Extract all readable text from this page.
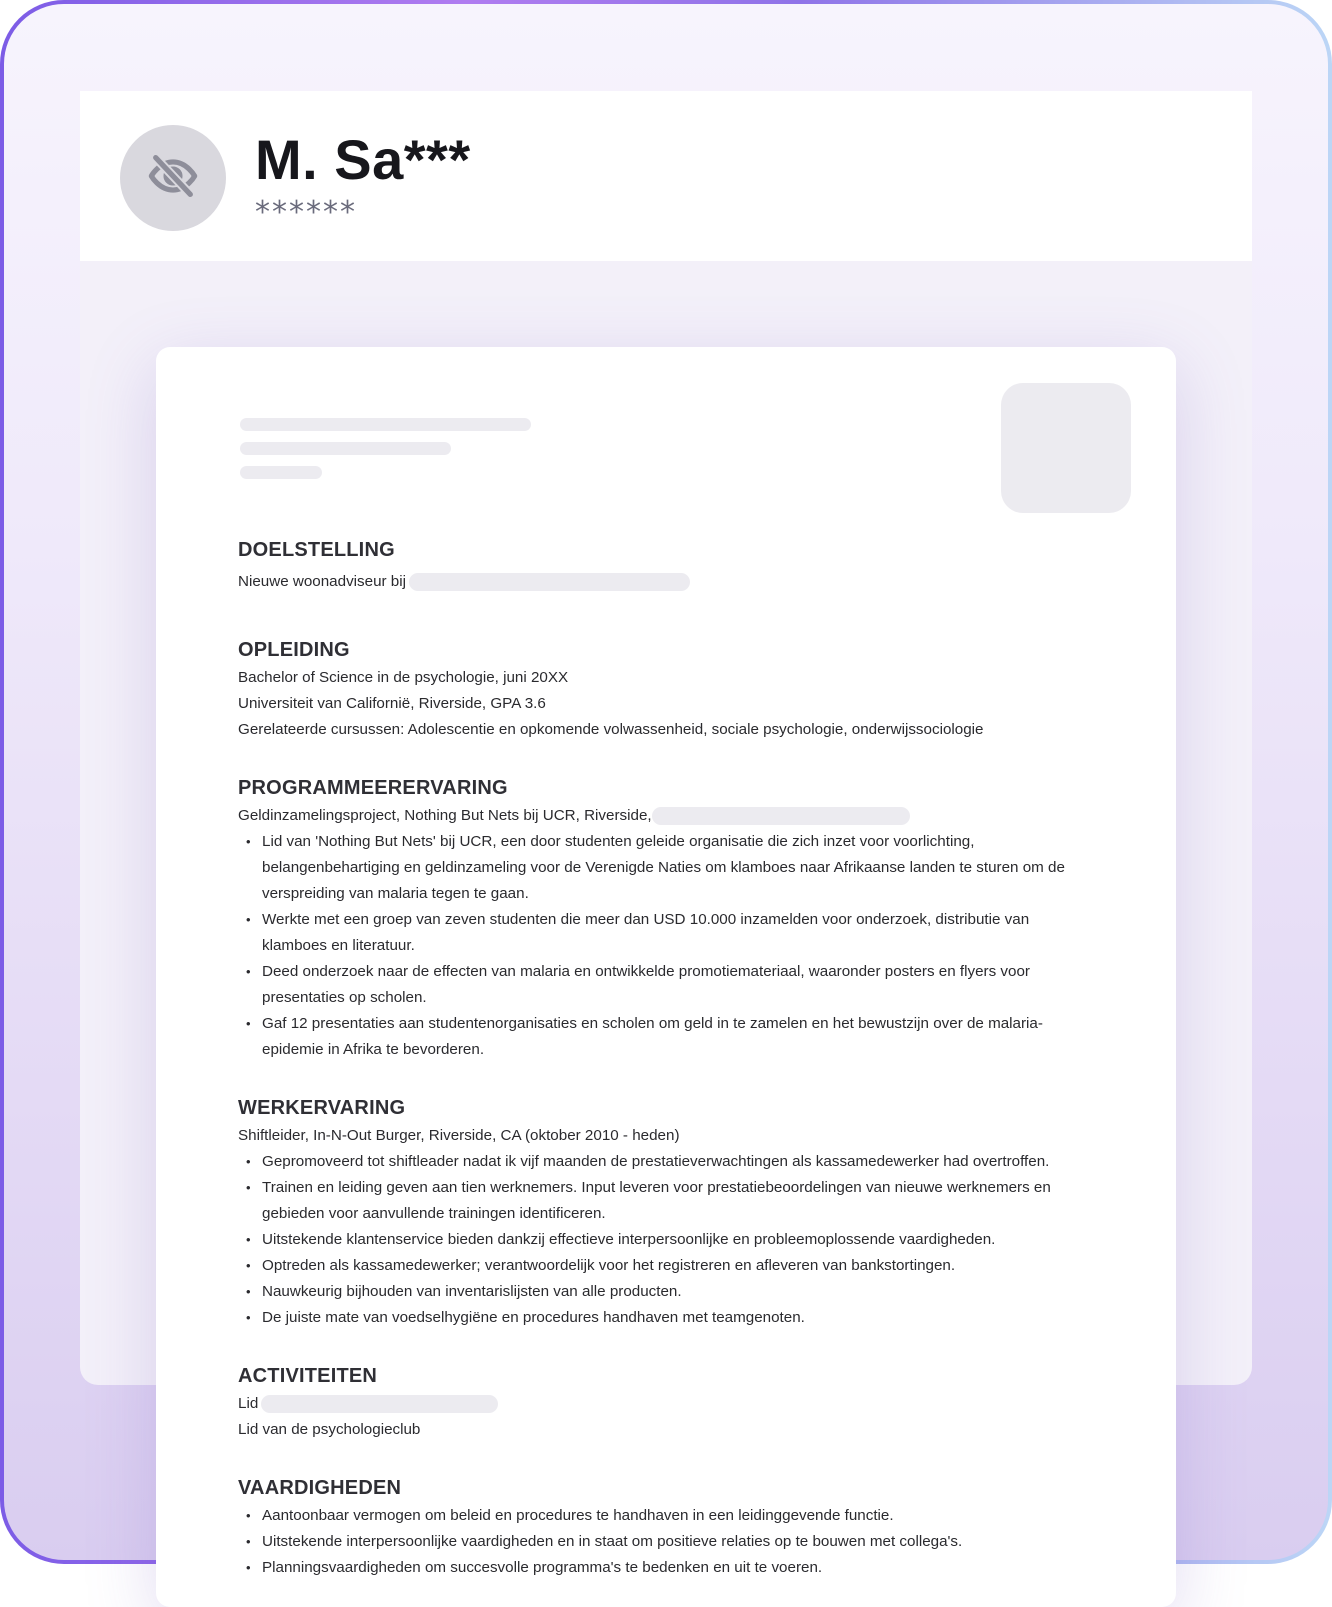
M. Sa***
******
DOELSTELLING
Nieuwe woonadviseur bij
OPLEIDING
Bachelor of Science in de psychologie, juni 20XX
Universiteit van Californië, Riverside, GPA 3.6
Gerelateerde cursussen: Adolescentie en opkomende volwassenheid, sociale psychologie, onderwijssociologie
PROGRAMMEERERVARING
Geldinzamelingsproject, Nothing But Nets bij UCR, Riverside,
• Lid van 'Nothing But Nets' bij UCR, een door studenten geleide organisatie die zich inzet voor voorlichting, belangenbehartiging en geldinzameling voor de Verenigde Naties om klamboes naar Afrikaanse landen te sturen om de verspreiding van malaria tegen te gaan.
• Werkte met een groep van zeven studenten die meer dan USD 10.000 inzamelden voor onderzoek, distributie van klamboes en literatuur.
• Deed onderzoek naar de effecten van malaria en ontwikkelde promotiemateriaal, waaronder posters en flyers voor presentaties op scholen.
• Gaf 12 presentaties aan studentenorganisaties en scholen om geld in te zamelen en het bewustzijn over de malaria-epidemie in Afrika te bevorderen.
WERKERVARING
Shiftleider, In-N-Out Burger, Riverside, CA (oktober 2010 - heden)
• Gepromoveerd tot shiftleader nadat ik vijf maanden de prestatieverwachtingen als kassamedewerker had overtroffen.
• Trainen en leiding geven aan tien werknemers. Input leveren voor prestatiebeoordelingen van nieuwe werknemers en gebieden voor aanvullende trainingen identificeren.
• Uitstekende klantenservice bieden dankzij effectieve interpersoonlijke en probleemoplossende vaardigheden.
• Optreden als kassamedewerker; verantwoordelijk voor het registreren en afleveren van bankstortingen.
• Nauwkeurig bijhouden van inventarislijsten van alle producten.
• De juiste mate van voedselhygiëne en procedures handhaven met teamgenoten.
ACTIVITEITEN
Lid
Lid van de psychologieclub
VAARDIGHEDEN
• Aantoonbaar vermogen om beleid en procedures te handhaven in een leidinggevende functie.
• Uitstekende interpersoonlijke vaardigheden en in staat om positieve relaties op te bouwen met collega's.
• Planningsvaardigheden om succesvolle programma's te bedenken en uit te voeren.
